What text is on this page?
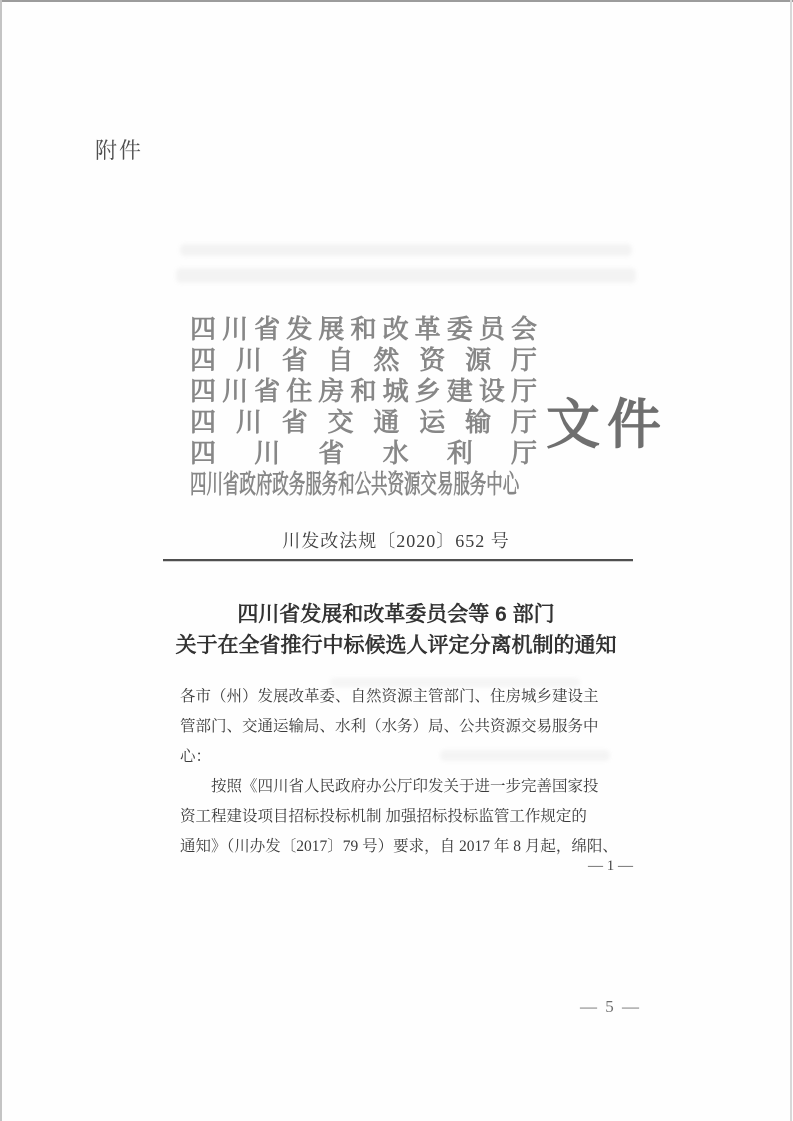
附件
四 川 省 发 展 和 改 革 委 员 会
四 川 省 自 然 资 源 厅
四 川 省 住 房 和 城 乡 建 设 厅
四 川 省 交 通 运 输 厅
四 川 省 水 利 厅
四川省政府政务服务和公共资源交易服务中心
文件
川发改法规〔2020〕652 号
四川省发展和改革委员会等 6 部门
关于在全省推行中标候选人评定分离机制的通知
各市（州）发展改革委、自然资源主管部门、住房城乡建设主
管部门、交通运输局、水利（水务）局、公共资源交易服务中
心：
按照《四川省人民政府办公厅印发关于进一步完善国家投
资工程建设项目招标投标机制 加强招标投标监管工作规定的
通知》（川办发〔2017〕79 号）要求，自 2017 年 8 月起，绵阳、
— 1 —
— 5 —
